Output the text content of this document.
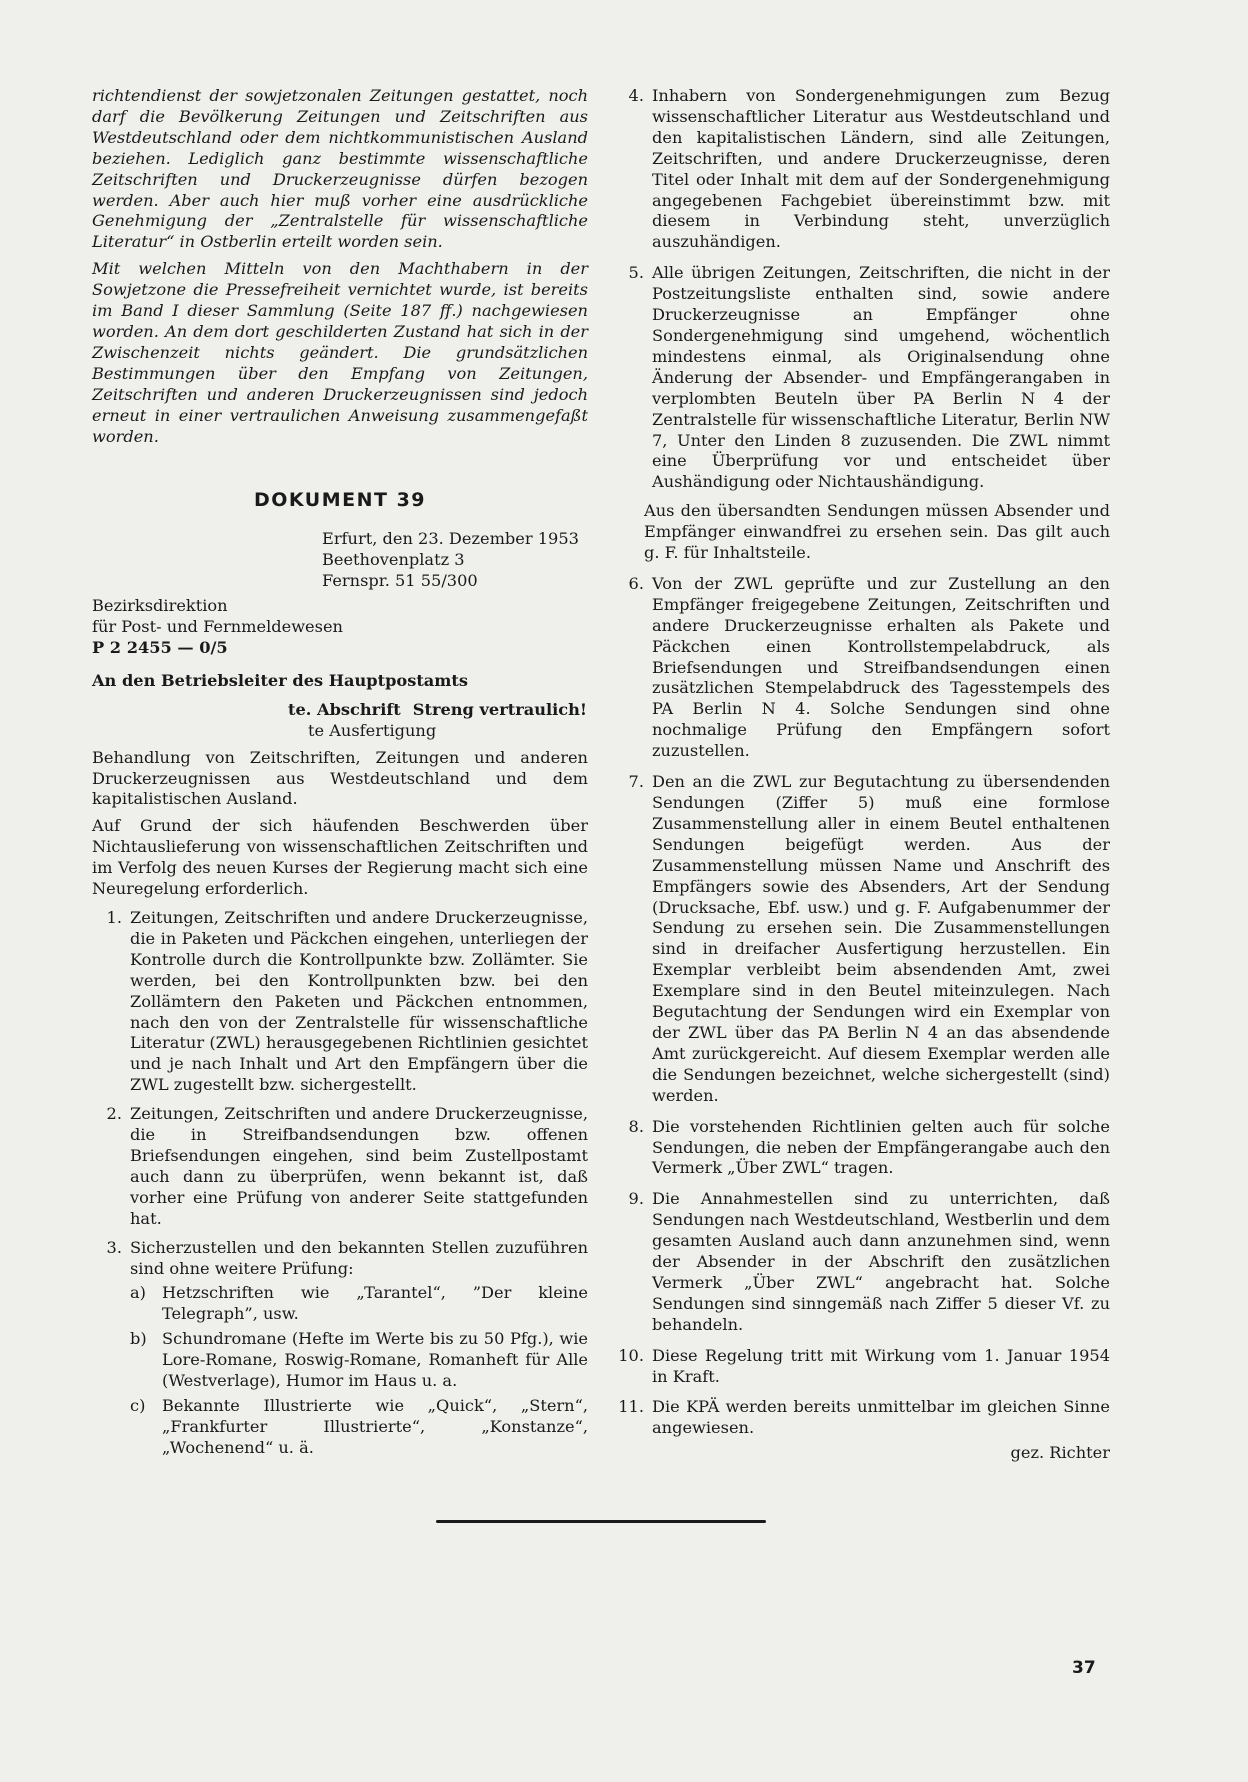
richtendienst der sowjetzonalen Zeitungen gestattet, noch darf die Bevölkerung Zeitungen und Zeitschriften aus Westdeutschland oder dem nichtkommunistischen Ausland beziehen. Lediglich ganz bestimmte wissenschaftliche Zeitschriften und Druckerzeugnisse dürfen bezogen werden. Aber auch hier muß vorher eine ausdrückliche Genehmigung der „Zentralstelle für wissenschaftliche Literatur“ in Ostberlin erteilt worden sein.

Mit welchen Mitteln von den Machthabern in der Sowjetzone die Pressefreiheit vernichtet wurde, ist bereits im Band I dieser Sammlung (Seite 187 ff.) nachgewiesen worden. An dem dort geschilderten Zustand hat sich in der Zwischenzeit nichts geändert. Die grundsätzlichen Bestimmungen über den Empfang von Zeitungen, Zeitschriften und anderen Druckerzeugnissen sind jedoch erneut in einer vertraulichen Anweisung zusammengefaßt worden.

DOKUMENT 39
Erfurt, den 23. Dezember 1953
Beethovenplatz 3
Fernspr. 51 55/300
Bezirksdirektion
für Post- und Fernmeldewesen
P 2 2455 — 0/5
An den Betriebsleiter des Hauptpostamts
te. Abschrift Streng vertraulich!
te Ausfertigung

Behandlung von Zeitschriften, Zeitungen und anderen Druckerzeugnissen aus Westdeutschland und dem kapitalistischen Ausland.

Auf Grund der sich häufenden Beschwerden über Nichtauslieferung von wissenschaftlichen Zeitschriften und im Verfolg des neuen Kurses der Regierung macht sich eine Neuregelung erforderlich.

1. Zeitungen, Zeitschriften und andere Druckerzeugnisse, die in Paketen und Päckchen eingehen, unterliegen der Kontrolle durch die Kontrollpunkte bzw. Zollämter. Sie werden, bei den Kontrollpunkten bzw. bei den Zollämtern den Paketen und Päckchen entnommen, nach den von der Zentralstelle für wissenschaftliche Literatur (ZWL) herausgegebenen Richtlinien gesichtet und je nach Inhalt und Art den Empfängern über die ZWL zugestellt bzw. sichergestellt.

2. Zeitungen, Zeitschriften und andere Druckerzeugnisse, die in Streifbandsendungen bzw. offenen Briefsendungen eingehen, sind beim Zustellpostamt auch dann zu überprüfen, wenn bekannt ist, daß vorher eine Prüfung von anderer Seite stattgefunden hat.

3. Sicherzustellen und den bekannten Stellen zuzuführen sind ohne weitere Prüfung:

a) Hetzschriften wie „Tarantel“, ”Der kleine Telegraph”, usw.

b) Schundromane (Hefte im Werte bis zu 50 Pfg.), wie Lore-Romane, Roswig-Romane, Romanheft für Alle (Westverlage), Humor im Haus u. a.

c)	Bekannte Illustrierte wie „Quick“, „Stern“, „Frankfurter Illustrierte“, „Konstanze“, „Wochenend“ u. ä.

4. Inhabern von Sondergenehmigungen zum Bezug wissenschaftlicher Literatur aus Westdeutschland und den kapitalistischen Ländern, sind alle Zeitungen, Zeitschriften, und andere Druckerzeugnisse, deren Titel oder Inhalt mit dem auf der Sondergenehmigung angegebenen Fachgebiet übereinstimmt bzw. mit diesem in Verbindung steht, unverzüglich auszuhändigen.

5. Alle übrigen Zeitungen, Zeitschriften, die nicht in der Postzeitungsliste enthalten sind, sowie andere Druckerzeugnisse an Empfänger ohne Sondergenehmigung sind umgehend, wöchentlich mindestens einmal, als Originalsendung ohne Änderung der Absender- und Empfängerangaben in verplombten Beuteln über PA Berlin N 4 der Zentralstelle für wissenschaftliche Literatur, Berlin NW 7, Unter den Linden 8 zuzusenden. Die ZWL nimmt eine Überprüfung vor und entscheidet über Aushändigung oder Nichtaushändigung.

Aus den übersandten Sendungen müssen Absender und Empfänger einwandfrei zu ersehen sein. Das gilt auch g. F. für Inhaltsteile.

6. Von der ZWL geprüfte und zur Zustellung an den Empfänger freigegebene Zeitungen, Zeitschriften und andere Druckerzeugnisse erhalten als Pakete und Päckchen einen Kontrollstempelabdruck, als Briefsendungen und Streifbandsendungen einen zusätzlichen Stempelabdruck des Tagesstempels des PA Berlin N 4. Solche Sendungen sind ohne nochmalige Prüfung den Empfängern sofort zuzustellen.

7. Den an die ZWL zur Begutachtung zu übersendenden Sendungen (Ziffer 5) muß eine formlose Zusammenstellung aller in einem Beutel enthaltenen Sendungen beigefügt werden. Aus der Zusammenstellung müssen Name und Anschrift des Empfängers sowie des Absenders, Art der Sendung (Drucksache, Ebf. usw.) und g. F. Aufgabenummer der Sendung zu ersehen sein. Die Zusammenstellungen sind in dreifacher Ausfertigung herzustellen. Ein Exemplar verbleibt beim absendenden Amt, zwei Exemplare sind in den Beutel miteinzulegen. Nach Begutachtung der Sendungen wird ein Exemplar von der ZWL über das PA Berlin N 4 an das absendende Amt zurückgereicht. Auf diesem Exemplar werden alle die Sendungen bezeichnet, welche sichergestellt (sind) werden.

8. Die vorstehenden Richtlinien gelten auch für solche Sendungen, die neben der Empfängerangabe auch den Vermerk „Über ZWL“ tragen.

9. Die Annahmestellen sind zu unterrichten, daß Sendungen nach Westdeutschland, Westberlin und dem gesamten Ausland auch dann anzunehmen sind, wenn der Absender in der Abschrift den zusätzlichen Vermerk „Über ZWL“ angebracht hat. Solche Sendungen sind sinngemäß nach Ziffer 5 dieser Vf. zu behandeln.

10. Diese Regelung tritt mit Wirkung vom 1. Januar 1954 in Kraft.

11. Die KPÄ werden bereits unmittelbar im gleichen Sinne angewiesen.

gez. Richter
37
